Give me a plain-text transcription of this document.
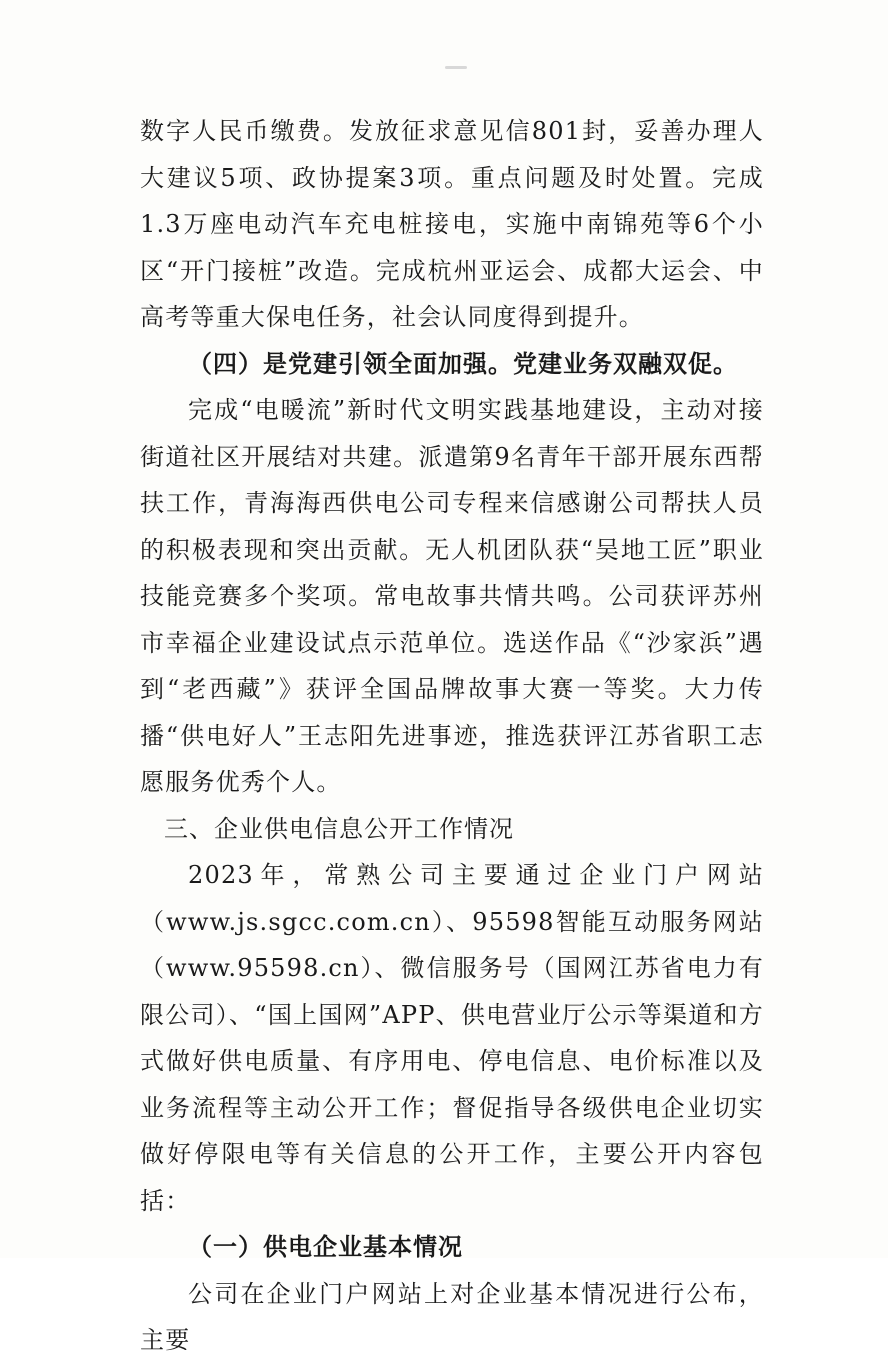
数字人民币缴费。发放征求意见信801封，妥善办理人大建议5项、政协提案3项。重点问题及时处置。完成1.3万座电动汽车充电桩接电，实施中南锦苑等6个小区“开门接桩”改造。完成杭州亚运会、成都大运会、中高考等重大保电任务，社会认同度得到提升。

（四）是党建引领全面加强。党建业务双融双促。

完成“电暖流”新时代文明实践基地建设，主动对接街道社区开展结对共建。派遣第9名青年干部开展东西帮扶工作，青海海西供电公司专程来信感谢公司帮扶人员的积极表现和突出贡献。无人机团队获“吴地工匠”职业技能竞赛多个奖项。常电故事共情共鸣。公司获评苏州市幸福企业建设试点示范单位。选送作品《“沙家浜”遇到“老西藏”》获评全国品牌故事大赛一等奖。大力传播“供电好人”王志阳先进事迹，推选获评江苏省职工志愿服务优秀个人。

三、企业供电信息公开工作情况

2023年，常熟公司主要通过企业门户网站（www.js.sgcc.com.cn）、95598智能互动服务网站（www.95598.cn）、微信服务号（国网江苏省电力有限公司）、“国上国网”APP、供电营业厅公示等渠道和方式做好供电质量、有序用电、停电信息、电价标准以及业务流程等主动公开工作；督促指导各级供电企业切实做好停限电等有关信息的公开工作，主要公开内容包括：

（一）供电企业基本情况

公司在企业门户网站上对企业基本情况进行公布，主要
